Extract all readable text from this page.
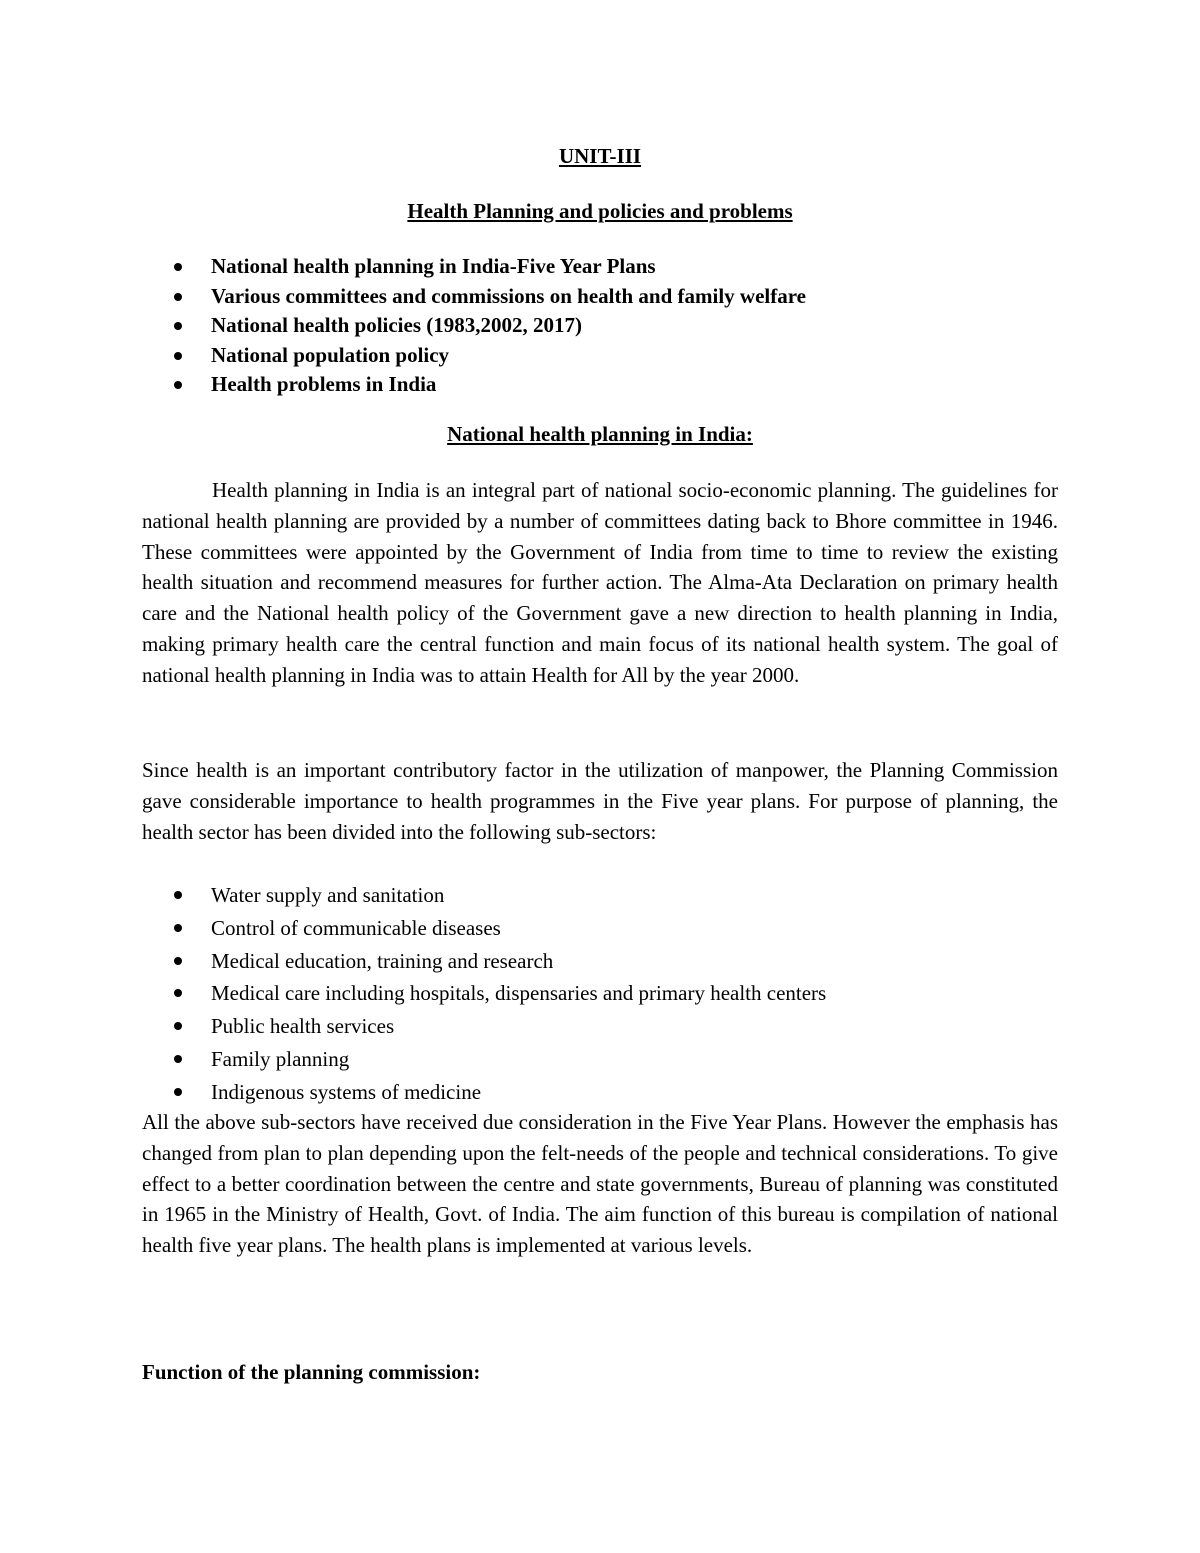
UNIT-III
Health Planning and policies and problems
National health planning in India-Five Year Plans
Various committees and commissions on health and family welfare
National health policies (1983,2002, 2017)
National population policy
Health problems in India
National health planning in India:

Health planning in India is an integral part of national socio-economic planning. The guidelines for national health planning are provided by a number of committees dating back to Bhore committee in 1946. These committees were appointed by the Government of India from time to time to review the existing health situation and recommend measures for further action. The Alma-Ata Declaration on primary health care and the National health policy of the Government gave a new direction to health planning in India, making primary health care the central function and main focus of its national health system. The goal of national health planning in India was to attain Health for All by the year 2000.

Since health is an important contributory factor in the utilization of manpower, the Planning Commission gave considerable importance to health programmes in the Five year plans. For purpose of planning, the health sector has been divided into the following sub-sectors:

Water supply and sanitation
Control of communicable diseases
Medical education, training and research
Medical care including hospitals, dispensaries and primary health centers
Public health services
Family planning
Indigenous systems of medicine

All the above sub-sectors have received due consideration in the Five Year Plans. However the emphasis has changed from plan to plan depending upon the felt-needs of the people and technical considerations. To give effect to a better coordination between the centre and state governments, Bureau of planning was constituted in 1965 in the Ministry of Health, Govt. of India. The aim function of this bureau is compilation of national health five year plans. The health plans is implemented at various levels.

Function of the planning commission:
